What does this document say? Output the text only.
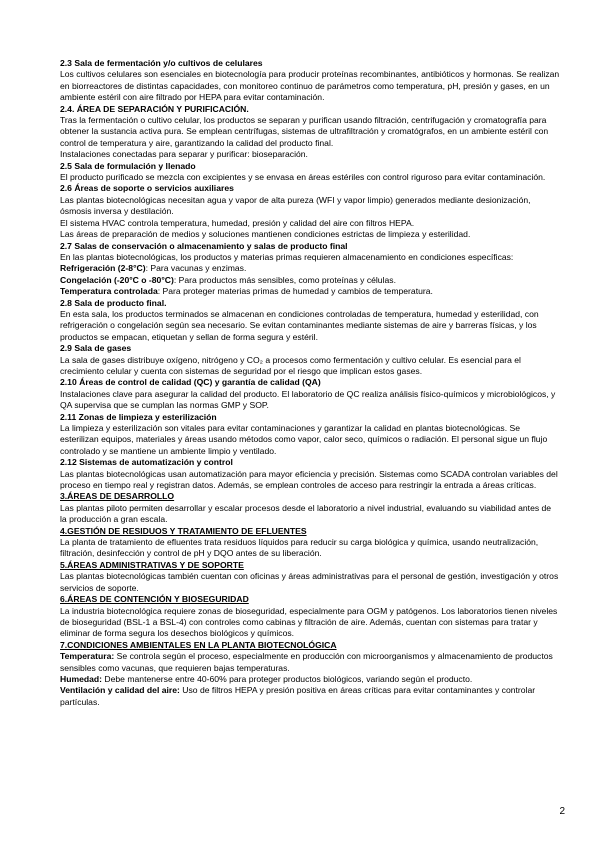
2.3 Sala de fermentación y/o cultivos de celulares

Los cultivos celulares son esenciales en biotecnología para producir proteínas recombinantes, antibióticos y hormonas. Se realizan en biorreactores de distintas capacidades, con monitoreo continuo de parámetros como temperatura, pH, presión y gases, en un ambiente estéril con aire filtrado por HEPA para evitar contaminación.

2.4. ÁREA DE SEPARACIÓN Y PURIFICACIÓN.

Tras la fermentación o cultivo celular, los productos se separan y purifican usando filtración, centrifugación y cromatografía para obtener la sustancia activa pura. Se emplean centrífugas, sistemas de ultrafiltración y cromatógrafos, en un ambiente estéril con control de temperatura y aire, garantizando la calidad del producto final.

Instalaciones conectadas para separar y purificar: bioseparación.

2.5 Sala de formulación y llenado

El producto purificado se mezcla con excipientes y se envasa en áreas estériles con control riguroso para evitar contaminación.

2.6 Áreas de soporte o servicios auxiliares

Las plantas biotecnológicas necesitan agua y vapor de alta pureza (WFI y vapor limpio) generados mediante desionización, ósmosis inversa y destilación.

El sistema HVAC controla temperatura, humedad, presión y calidad del aire con filtros HEPA.

Las áreas de preparación de medios y soluciones mantienen condiciones estrictas de limpieza y esterilidad.

2.7 Salas de conservación o almacenamiento y salas de producto final

En las plantas biotecnológicas, los productos y materias primas requieren almacenamiento en condiciones específicas:

Refrigeración (2-8°C): Para vacunas y enzimas.

Congelación (-20°C o -80°C): Para productos más sensibles, como proteínas y células.

Temperatura controlada: Para proteger materias primas de humedad y cambios de temperatura.

2.8 Sala de producto final.

En esta sala, los productos terminados se almacenan en condiciones controladas de temperatura, humedad y esterilidad, con refrigeración o congelación según sea necesario. Se evitan contaminantes mediante sistemas de aire y barreras físicas, y los productos se empacan, etiquetan y sellan de forma segura y estéril.

2.9 Sala de gases

La sala de gases distribuye oxígeno, nitrógeno y CO₂ a procesos como fermentación y cultivo celular. Es esencial para el crecimiento celular y cuenta con sistemas de seguridad por el riesgo que implican estos gases.

2.10 Áreas de control de calidad (QC) y garantía de calidad (QA)

Instalaciones clave para asegurar la calidad del producto. El laboratorio de QC realiza análisis físico-químicos y microbiológicos, y QA supervisa que se cumplan las normas GMP y SOP.

2.11 Zonas de limpieza y esterilización

La limpieza y esterilización son vitales para evitar contaminaciones y garantizar la calidad en plantas biotecnológicas. Se esterilizan equipos, materiales y áreas usando métodos como vapor, calor seco, químicos o radiación. El personal sigue un flujo controlado y se mantiene un ambiente limpio y ventilado.

2.12 Sistemas de automatización y control

Las plantas biotecnológicas usan automatización para mayor eficiencia y precisión. Sistemas como SCADA controlan variables del proceso en tiempo real y registran datos. Además, se emplean controles de acceso para restringir la entrada a áreas críticas.

3.ÁREAS DE DESARROLLO

Las plantas piloto permiten desarrollar y escalar procesos desde el laboratorio a nivel industrial, evaluando su viabilidad antes de la producción a gran escala.

4.GESTIÓN DE RESIDUOS Y TRATAMIENTO DE EFLUENTES

La planta de tratamiento de efluentes trata residuos líquidos para reducir su carga biológica y química, usando neutralización, filtración, desinfección y control de pH y DQO antes de su liberación.

5.ÁREAS ADMINISTRATIVAS Y DE SOPORTE

Las plantas biotecnológicas también cuentan con oficinas y áreas administrativas para el personal de gestión, investigación y otros servicios de soporte.

6.ÁREAS DE CONTENCIÓN Y BIOSEGURIDAD

La industria biotecnológica requiere zonas de bioseguridad, especialmente para OGM y patógenos. Los laboratorios tienen niveles de bioseguridad (BSL-1 a BSL-4) con controles como cabinas y filtración de aire. Además, cuentan con sistemas para tratar y eliminar de forma segura los desechos biológicos y químicos.

7.CONDICIONES AMBIENTALES EN LA PLANTA BIOTECNOLÓGICA

Temperatura: Se controla según el proceso, especialmente en producción con microorganismos y almacenamiento de productos sensibles como vacunas, que requieren bajas temperaturas.

Humedad: Debe mantenerse entre 40-60% para proteger productos biológicos, variando según el producto.

Ventilación y calidad del aire: Uso de filtros HEPA y presión positiva en áreas críticas para evitar contaminantes y controlar partículas.

2
